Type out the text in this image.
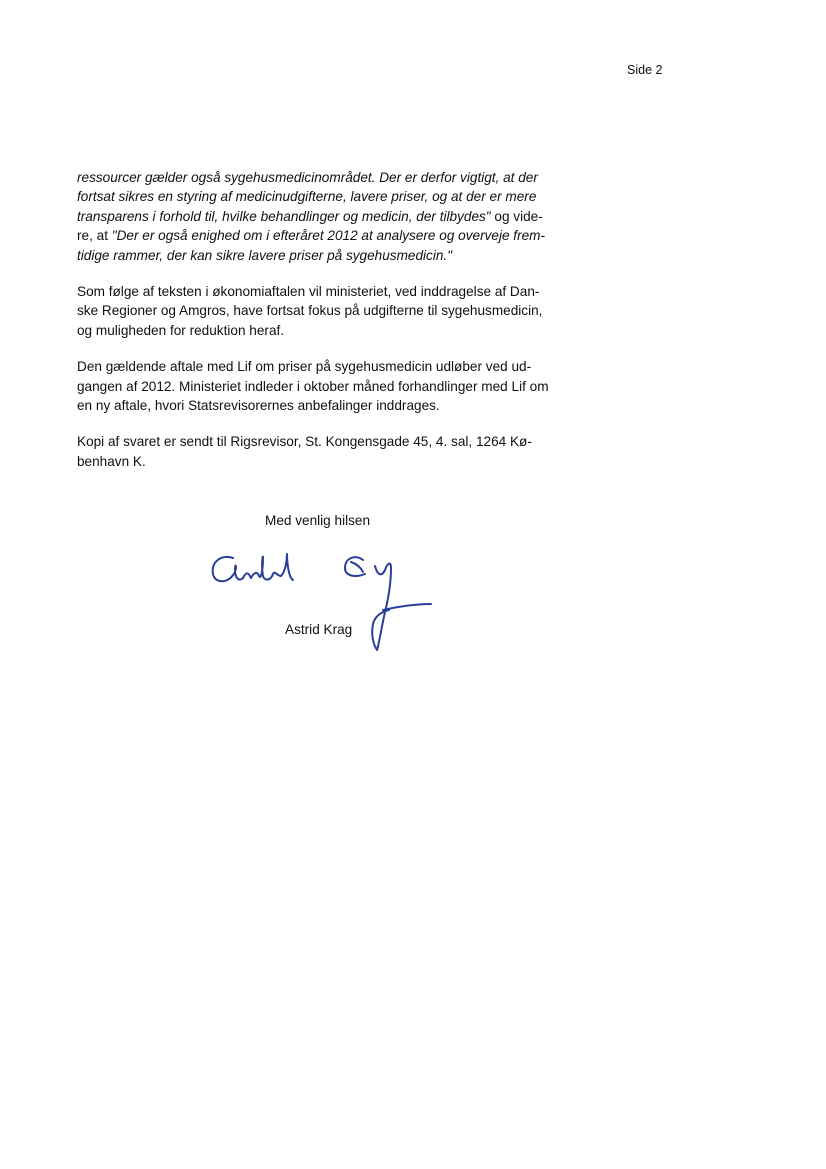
Side 2

ressourcer gælder også sygehusmedicinområdet. Der er derfor vigtigt, at der
fortsat sikres en styring af medicinudgifterne, lavere priser, og at der er mere
transparens i forhold til, hvilke behandlinger og medicin, der tilbydes" og vide-
re, at "Der er også enighed om i efteråret 2012 at analysere og overveje frem-
tidige rammer, der kan sikre lavere priser på sygehusmedicin."

Som følge af teksten i økonomiaftalen vil ministeriet, ved inddragelse af Dan-
ske Regioner og Amgros, have fortsat fokus på udgifterne til sygehusmedicin,
og muligheden for reduktion heraf.

Den gældende aftale med Lif om priser på sygehusmedicin udløber ved ud-
gangen af 2012. Ministeriet indleder i oktober måned forhandlinger med Lif om
en ny aftale, hvori Statsrevisorernes anbefalinger inddrages.

Kopi af svaret er sendt til Rigsrevisor, St. Kongensgade 45, 4. sal, 1264 Kø-
benhavn K.

Med venlig hilsen
Astrid Krag
